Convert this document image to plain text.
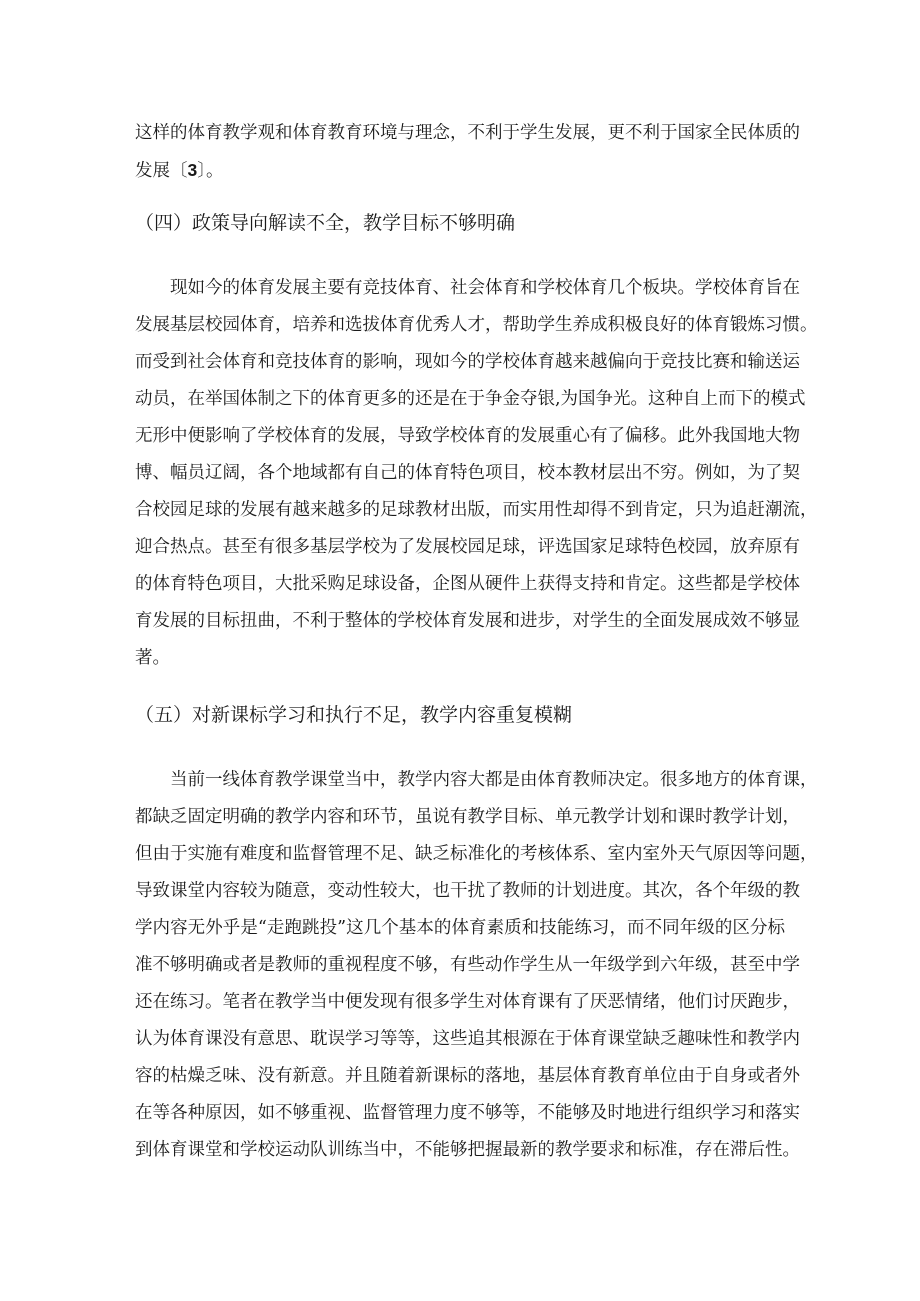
这样的体育教学观和体育教育环境与理念，不利于学生发展，更不利于国家全民体质的
发展〔3〕。
（四）政策导向解读不全，教学目标不够明确
现如今的体育发展主要有竞技体育、社会体育和学校体育几个板块。学校体育旨在
发展基层校园体育，培养和选拔体育优秀人才，帮助学生养成积极良好的体育锻炼习惯。
而受到社会体育和竞技体育的影响，现如今的学校体育越来越偏向于竞技比赛和输送运
动员，在举国体制之下的体育更多的还是在于争金夺银,为国争光。这种自上而下的模式
无形中便影响了学校体育的发展，导致学校体育的发展重心有了偏移。此外我国地大物
博、幅员辽阔，各个地域都有自己的体育特色项目，校本教材层出不穷。例如，为了契
合校园足球的发展有越来越多的足球教材出版，而实用性却得不到肯定，只为追赶潮流，
迎合热点。甚至有很多基层学校为了发展校园足球，评选国家足球特色校园，放弃原有
的体育特色项目，大批采购足球设备，企图从硬件上获得支持和肯定。这些都是学校体
育发展的目标扭曲，不利于整体的学校体育发展和进步，对学生的全面发展成效不够显
著。
（五）对新课标学习和执行不足，教学内容重复模糊
当前一线体育教学课堂当中，教学内容大都是由体育教师决定。很多地方的体育课，
都缺乏固定明确的教学内容和环节，虽说有教学目标、单元教学计划和课时教学计划，
但由于实施有难度和监督管理不足、缺乏标准化的考核体系、室内室外天气原因等问题，
导致课堂内容较为随意，变动性较大，也干扰了教师的计划进度。其次，各个年级的教
学内容无外乎是“走跑跳投”这几个基本的体育素质和技能练习，而不同年级的区分标
准不够明确或者是教师的重视程度不够，有些动作学生从一年级学到六年级，甚至中学
还在练习。笔者在教学当中便发现有很多学生对体育课有了厌恶情绪，他们讨厌跑步，
认为体育课没有意思、耽误学习等等，这些追其根源在于体育课堂缺乏趣味性和教学内
容的枯燥乏味、没有新意。并且随着新课标的落地，基层体育教育单位由于自身或者外
在等各种原因，如不够重视、监督管理力度不够等，不能够及时地进行组织学习和落实
到体育课堂和学校运动队训练当中，不能够把握最新的教学要求和标准，存在滞后性。
